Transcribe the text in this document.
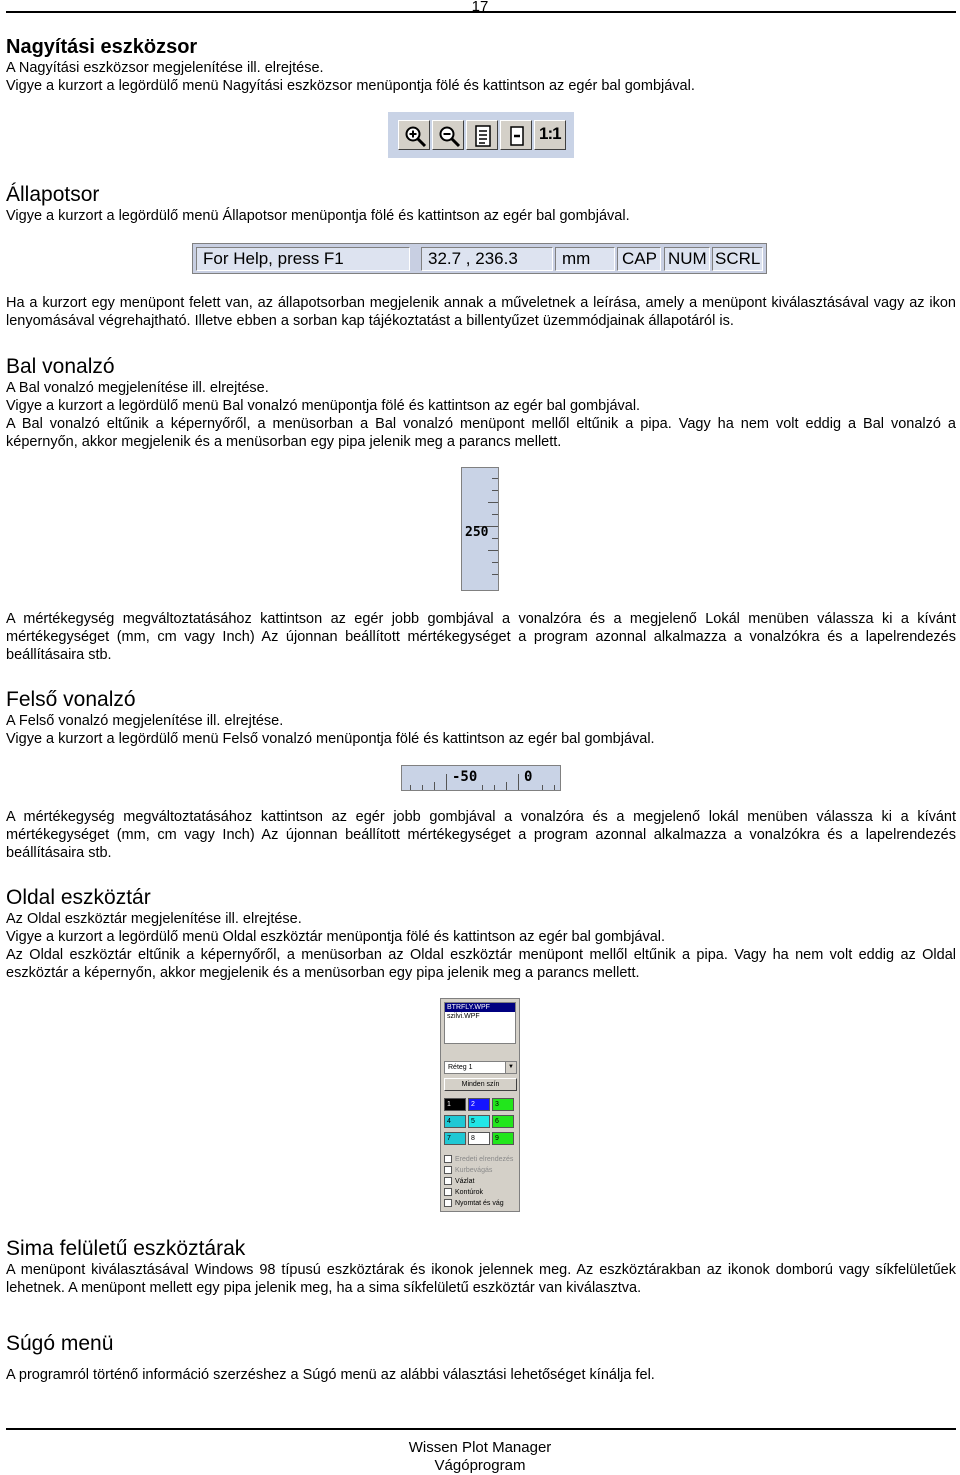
17
Nagyítási eszközsor

A Nagyítási eszközsor megjelenítése ill. elrejtése.

Vigye a kurzort a legördülő menü Nagyítási eszközsor menüpontja fölé és kattintson az egér bal gombjával.

1:1
Állapotsor

Vigye a kurzort a legördülő menü Állapotsor menüpontja fölé és kattintson az egér bal gombjával.

For Help, press F1	32.7 , 236.3	mm	CAP NUM SCRL

Ha a kurzort egy menüpont felett van, az állapotsorban megjelenik annak a műveletnek a leírása, amely a menüpont kiválasztásával vagy az ikon lenyomásával végrehajtható. Illetve ebben a sorban kap tájékoztatást a billentyűzet üzemmódjainak állapotáról is.

Bal vonalzó

A Bal vonalzó megjelenítése ill. elrejtése.

Vigye a kurzort a legördülő menü Bal vonalzó menüpontja fölé és kattintson az egér bal gombjával.

A Bal vonalzó eltűnik a képernyőről, a menüsorban a Bal vonalzó menüpont mellől eltűnik a pipa. Vagy ha nem volt eddig a Bal vonalzó a képernyőn, akkor megjelenik és a menüsorban egy pipa jelenik meg a parancs mellett.

250

A mértékegység megváltoztatásához kattintson az egér jobb gombjával a vonalzóra és a megjelenő Lokál menüben válassza ki a kívánt mértékegységet (mm, cm vagy Inch) Az újonnan beállított mértékegységet a program azonnal alkalmazza a vonalzókra és a lapelrendezés beállításaira stb.

Felső vonalzó

A Felső vonalzó megjelenítése ill. elrejtése.

Vigye a kurzort a legördülő menü Felső vonalzó menüpontja fölé és kattintson az egér bal gombjával.

-50	0

A mértékegység megváltoztatásához kattintson az egér jobb gombjával a vonalzóra és a megjelenő lokál menüben válassza ki a kívánt mértékegységet (mm, cm vagy Inch) Az újonnan beállított mértékegységet a program azonnal alkalmazza a vonalzókra és a lapelrendezés beállításaira stb.

Oldal eszköztár

Az Oldal eszköztár megjelenítése ill. elrejtése.

Vigye a kurzort a legördülő menü Oldal eszköztár menüpontja fölé és kattintson az egér bal gombjával.

Az Oldal eszköztár eltűnik a képernyőről, a menüsorban az Oldal eszköztár menüpont mellől eltűnik a pipa. Vagy ha nem volt eddig az Oldal eszköztár a képernyőn, akkor megjelenik és a menüsorban egy pipa jelenik meg a parancs mellett.

BTRFLY.WPF
szilvi.WPF
Réteg 1	▼
Minden szín
1	2	3
4	5	6
7	8	9
Eredeti elrendezés
Kurbevágás
Vázlat
Kontúrok
Nyomtat és vág
Sima felületű eszköztárak

A menüpont kiválasztásával Windows 98 típusú eszköztárak és ikonok jelennek meg. Az eszköztárakban az ikonok domború vagy síkfelületűek lehetnek. A menüpont mellett egy pipa jelenik meg, ha a sima síkfelületű eszköztár van kiválasztva.

Súgó menü

A programról történő információ szerzéshez a Súgó menü az alábbi választási lehetőséget kínálja fel.

Wissen Plot Manager
Vágóprogram
